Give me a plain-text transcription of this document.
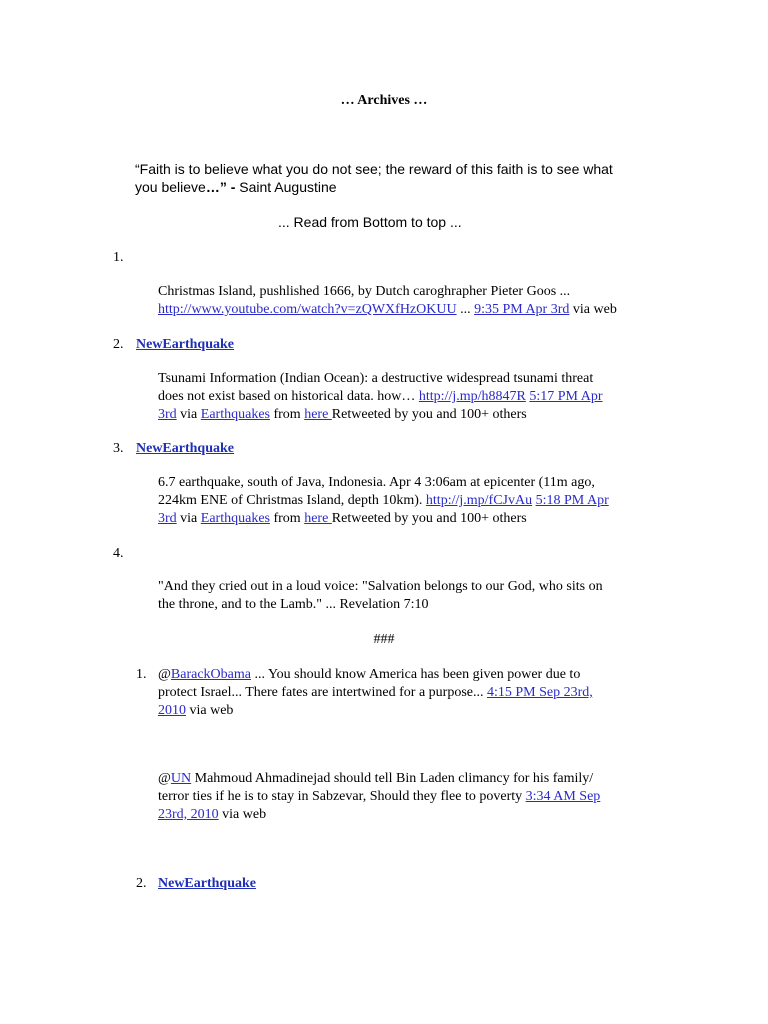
… Archives …
“Faith is to believe what you do not see; the reward of this faith is to see what
you believe…” - Saint Augustine
... Read from Bottom to top ...
1.
Christmas Island, pushlished 1666, by Dutch caroghrapher Pieter Goos ...
http://www.youtube.com/watch?v=zQWXfHzOKUU ... 9:35 PM Apr 3rd via web
2. NewEarthquake
Tsunami Information (Indian Ocean): a destructive widespread tsunami threat
does not exist based on historical data. how… http://j.mp/h8847R 5:17 PM Apr
3rd via Earthquakes from here Retweeted by you and 100+ others
3. NewEarthquake
6.7 earthquake, south of Java, Indonesia. Apr 4 3:06am at epicenter (11m ago,
224km ENE of Christmas Island, depth 10km). http://j.mp/fCJvAu 5:18 PM Apr
3rd via Earthquakes from here Retweeted by you and 100+ others
4.
"And they cried out in a loud voice: "Salvation belongs to our God, who sits on
the throne, and to the Lamb." ... Revelation 7:10
###
1. @BarackObama ... You should know America has been given power due to
protect Israel... There fates are intertwined for a purpose... 4:15 PM Sep 23rd,
2010 via web
@UN Mahmoud Ahmadinejad should tell Bin Laden climancy for his family/
terror ties if he is to stay in Sabzevar, Should they flee to poverty 3:34 AM Sep
23rd, 2010 via web
2. NewEarthquake
